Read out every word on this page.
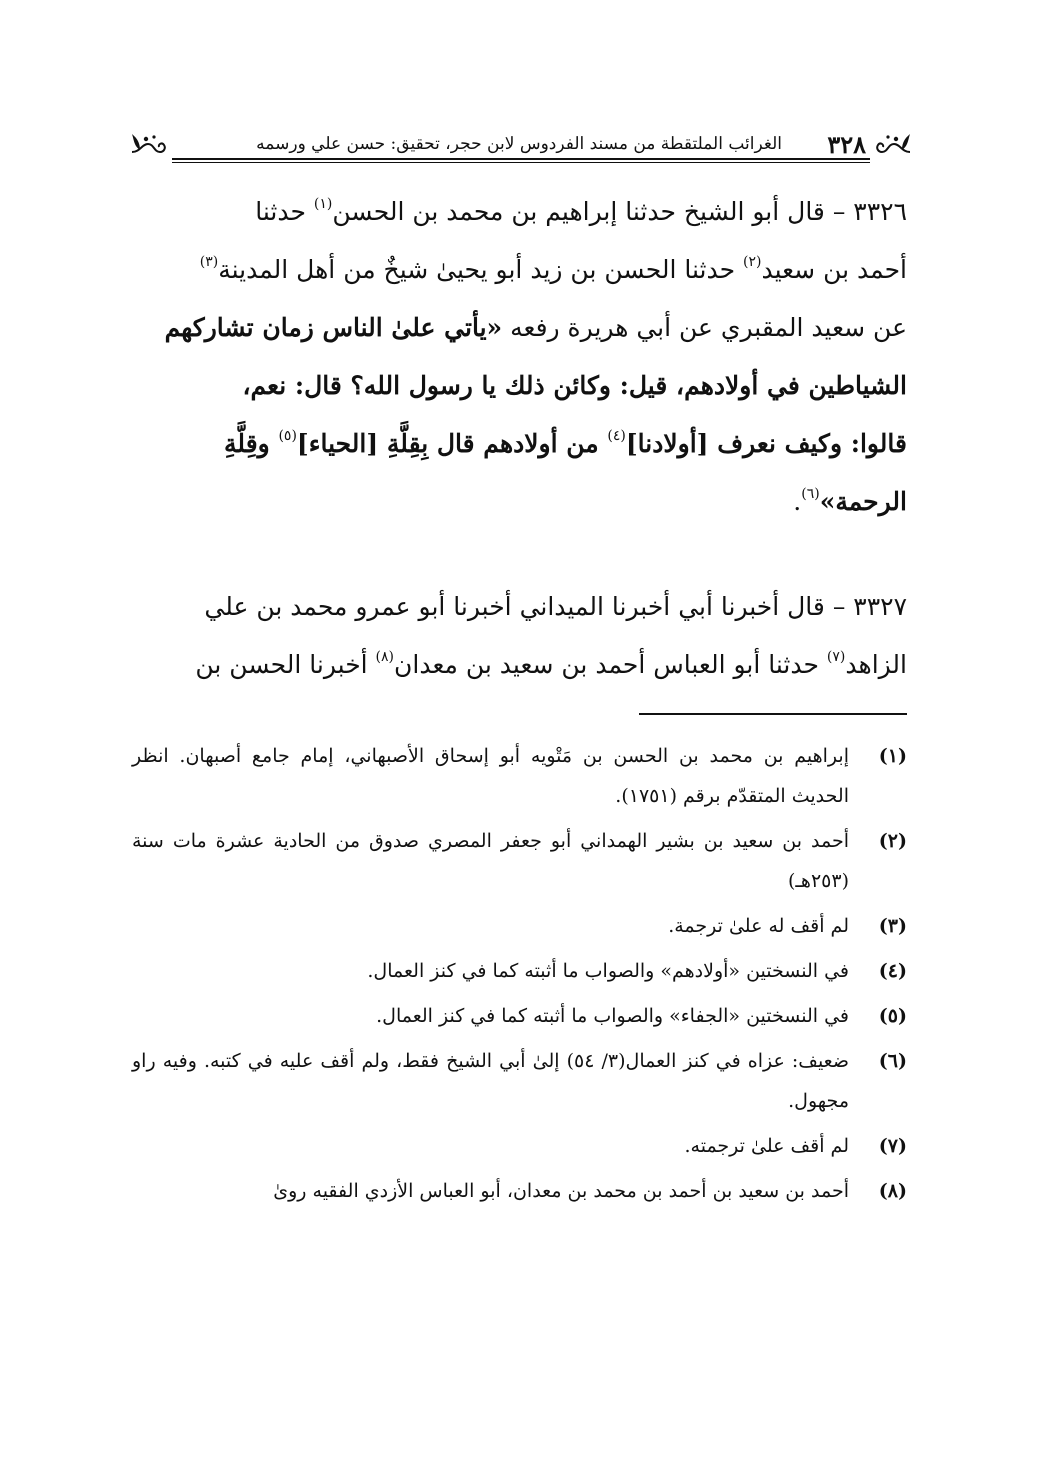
٣٢٨
الغرائب الملتقطة من مسند الفردوس لابن حجر، تحقيق: حسن علي ورسمه

٣٣٢٦ – قال أبو الشيخ حدثنا إبراهيم بن محمد بن الحسن$^{(١)}$ حدثنا

أحمد بن سعيد$^{(٢)}$ حدثنا الحسن بن زيد أبو يحيىٰ شيخٌ من أهل المدينة$^{(٣)}$

عن سعيد المقبري عن أبي هريرة رفعه «يأتي علىٰ الناس زمان تشاركهم

الشياطين في أولادهم، قيل: وكائن ذلك يا رسول الله؟ قال: نعم،

قالوا: وكيف نعرف [أولادنا]$^{(٤)}$ من أولادهم قال بِقِلَّةِ [الحياء]$^{(٥)}$ وقِلَّةِ

الرحمة»$^{(٦)}$.

٣٣٢٧ – قال أخبرنا أبي أخبرنا الميداني أخبرنا أبو عمرو محمد بن علي

الزاهد$^{(٧)}$ حدثنا أبو العباس أحمد بن سعيد بن معدان$^{(٨)}$ أخبرنا الحسن بن

(١)
إبراهيم بن محمد بن الحسن بن مَتْويه أبو إسحاق الأصبهاني، إمام جامع أصبهان. انظر الحديث المتقدّم برقم (١٧٥١).
(٢)
أحمد بن سعيد بن بشير الهمداني أبو جعفر المصري صدوق من الحادية عشرة مات سنة (٢٥٣هـ)
(٣)
لم أقف له علىٰ ترجمة.
(٤)
في النسختين «أولادهم» والصواب ما أثبته كما في كنز العمال.
(٥)
في النسختين «الجفاء» والصواب ما أثبته كما في كنز العمال.
(٦)
ضعيف: عزاه في كنز العمال(٣/ ٥٤) إلىٰ أبي الشيخ فقط، ولم أقف عليه في كتبه. وفيه راو مجهول.
(٧)
لم أقف علىٰ ترجمته.
(٨)
أحمد بن سعيد بن أحمد بن محمد بن معدان، أبو العباس الأزدي الفقيه روىٰ
